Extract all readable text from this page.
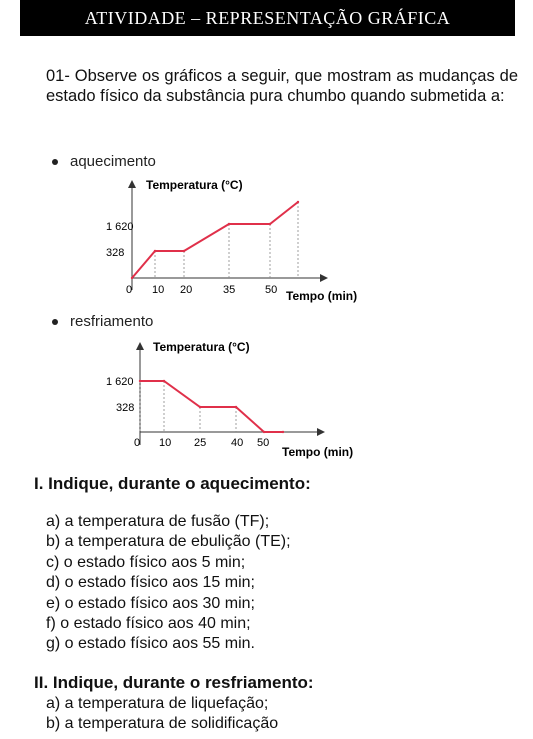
ATIVIDADE – REPRESENTAÇÃO GRÁFICA
01- Observe os gráficos a seguir, que mostram as mudanças de estado físico da substância pura chumbo quando submetida a:
aquecimento
Temperatura (°C)
Tempo (min)
1 620
328
0 10 20	35	50
resfriamento
Temperatura (°C)
Tempo (min)
1 620
328
0 10 25 40 50
I. Indique, durante o aquecimento:
a) a temperatura de fusão (TF);
b) a temperatura de ebulição (TE);
c) o estado físico aos 5 min;
d) o estado físico aos 15 min;
e) o estado físico aos 30 min;
f) o estado físico aos 40 min;
g) o estado físico aos 55 min.
II. Indique, durante o resfriamento:
a) a temperatura de liquefação;
b) a temperatura de solidificação
